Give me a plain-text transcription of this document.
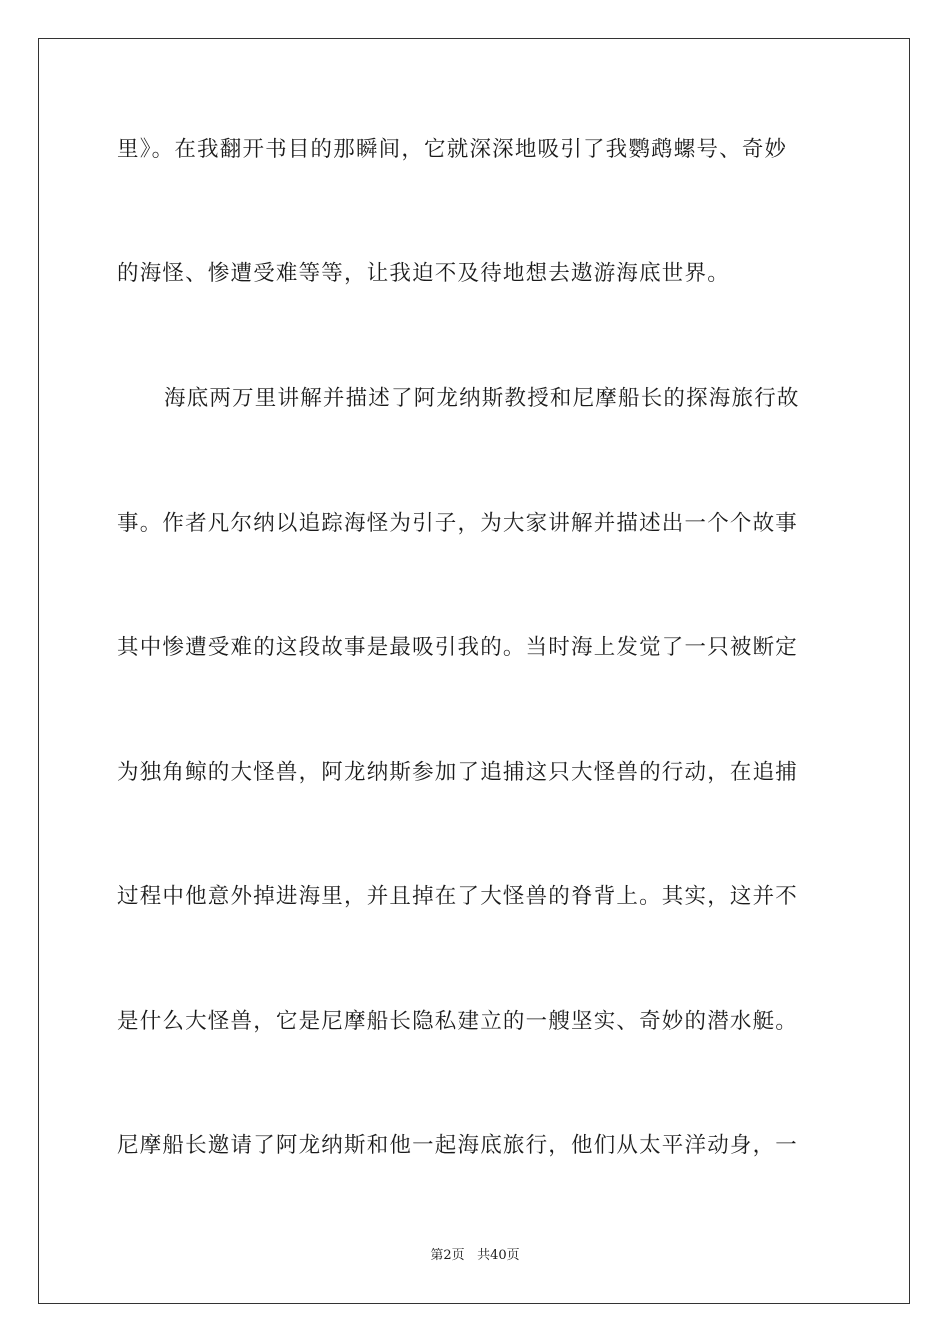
里》。在我翻开书目的那瞬间，它就深深地吸引了我鹦鹉螺号、奇妙
的海怪、惨遭受难等等，让我迫不及待地想去遨游海底世界。
海底两万里讲解并描述了阿龙纳斯教授和尼摩船长的探海旅行故
事。作者凡尔纳以追踪海怪为引子，为大家讲解并描述出一个个故事
其中惨遭受难的这段故事是最吸引我的。当时海上发觉了一只被断定
为独角鲸的大怪兽，阿龙纳斯参加了追捕这只大怪兽的行动，在追捕
过程中他意外掉进海里，并且掉在了大怪兽的脊背上。其实，这并不
是什么大怪兽，它是尼摩船长隐私建立的一艘坚实、奇妙的潜水艇。
尼摩船长邀请了阿龙纳斯和他一起海底旅行，他们从太平洋动身，一
第2页 共40页
